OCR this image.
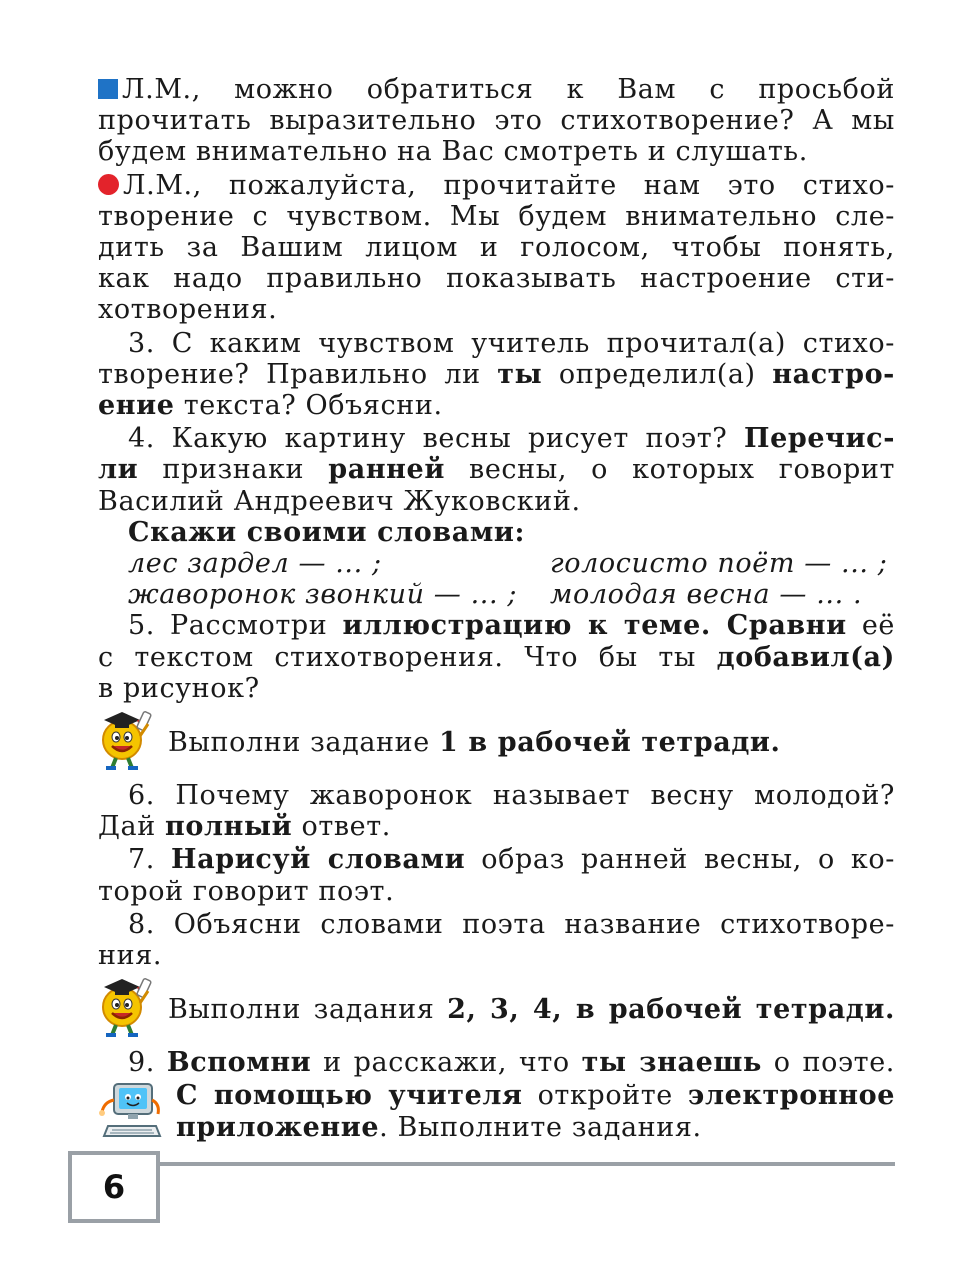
Л.М., можно обратиться к Вам с просьбой
прочитать выразительно это стихотворение? А мы
будем внимательно на Вас смотреть и слушать.
Л.М., пожалуйста, прочитайте нам это стихо-
творение с чувством. Мы будем внимательно сле-
дить за Вашим лицом и голосом, чтобы понять,
как надо правильно показывать настроение сти-
хотворения.
3. С каким чувством учитель прочитал(а) стихо-
творение? Правильно ли ты определил(а) настро-
ение текста? Объясни.
4. Какую картину весны рисует поэт? Перечис-
ли признаки ранней весны, о которых говорит
Василий Андреевич Жуковский.
Скажи своими словами:
лес зардел — ... ;	голосисто поёт — ... ;
жаворонок звонкий — ... ; молодая весна — ... .
5. Рассмотри иллюстрацию к теме. Сравни её
с текстом стихотворения. Что бы ты добавил(а)
в рисунок?
Выполни задание 1 в рабочей тетради.
6. Почему жаворонок называет весну молодой?
Дай полный ответ.
7. Нарисуй словами образ ранней весны, о ко-
торой говорит поэт.
8. Объясни словами поэта название стихотворе-
ния.
Выполни задания 2, 3, 4, в рабочей тетради.
9. Вспомни и расскажи, что ты знаешь о поэте.
С помощью учителя откройте электронное
приложение. Выполните задания.
6
